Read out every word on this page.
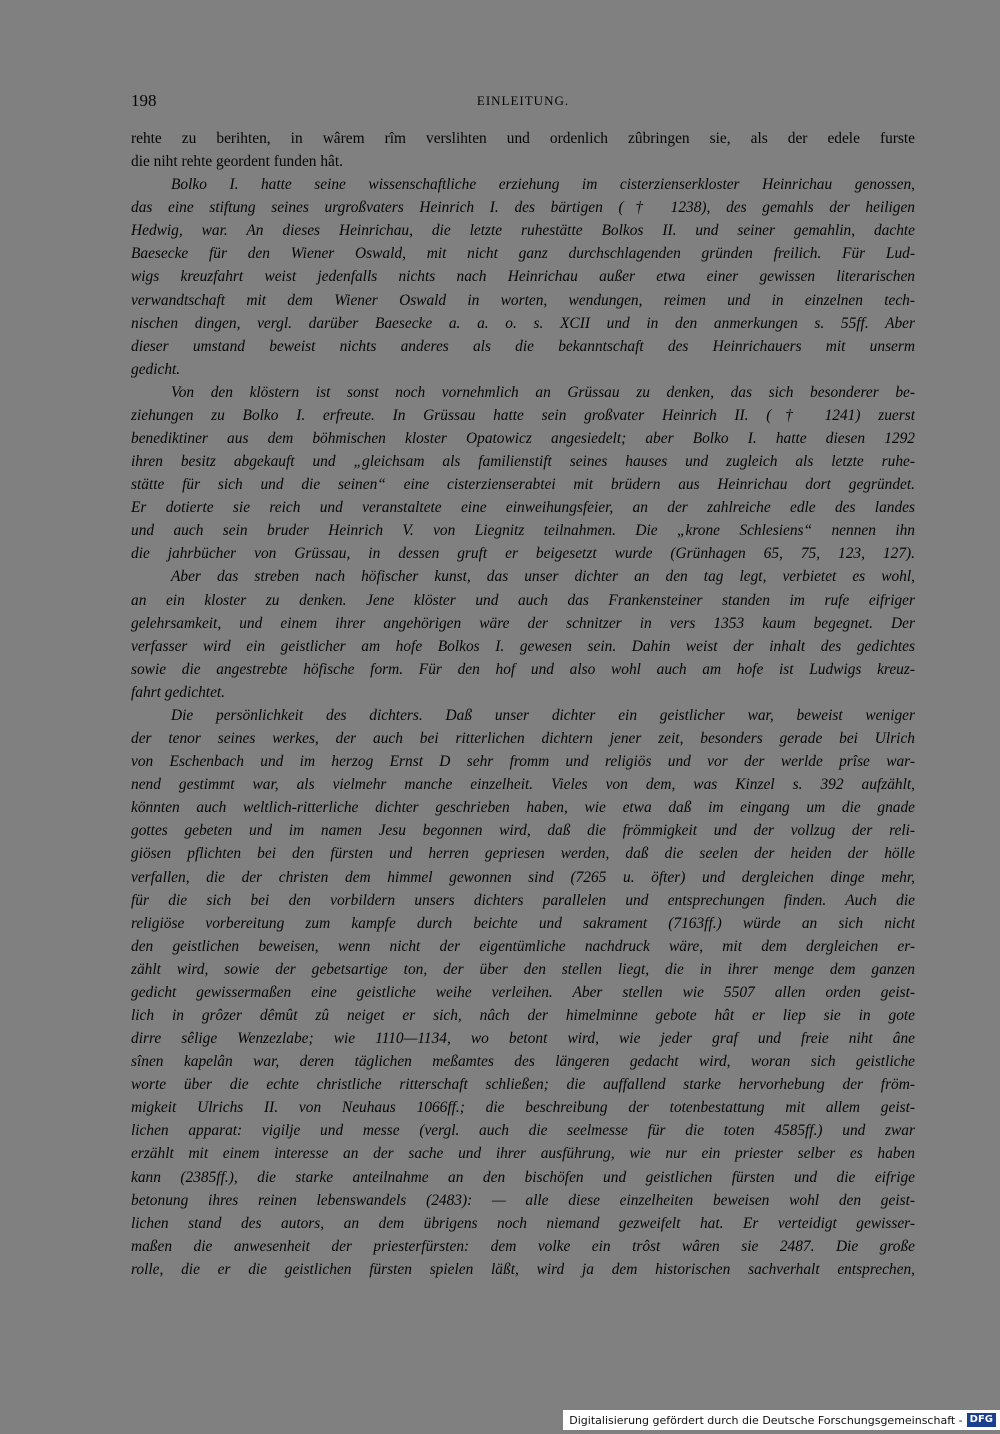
198	EINLEITUNG.
rehte zu berihten, in wârem rîm verslihten und ordenlich zûbringen sie, als der edele furste
die niht rehte geordent funden hât.
Bolko I. hatte seine wissenschaftliche erziehung im cisterzienserkloster Heinrichau genossen,
das eine stiftung seines urgroßvaters Heinrich I. des bärtigen († 1238), des gemahls der heiligen
Hedwig, war. An dieses Heinrichau, die letzte ruhestätte Bolkos II. und seiner gemahlin, dachte
Baesecke für den Wiener Oswald, mit nicht ganz durchschlagenden gründen freilich. Für Lud-
wigs kreuzfahrt weist jedenfalls nichts nach Heinrichau außer etwa einer gewissen literarischen
verwandtschaft mit dem Wiener Oswald in worten, wendungen, reimen und in einzelnen tech-
nischen dingen, vergl. darüber Baesecke a. a. o. s. XCII und in den anmerkungen s. 55ff. Aber
dieser umstand beweist nichts anderes als die bekanntschaft des Heinrichauers mit unserm
gedicht.
Von den klöstern ist sonst noch vornehmlich an Grüssau zu denken, das sich besonderer be-
ziehungen zu Bolko I. erfreute. In Grüssau hatte sein großvater Heinrich II. († 1241) zuerst
benediktiner aus dem böhmischen kloster Opatowicz angesiedelt; aber Bolko I. hatte diesen 1292
ihren besitz abgekauft und „gleichsam als familienstift seines hauses und zugleich als letzte ruhe-
stätte für sich und die seinen“ eine cisterzienserabtei mit brüdern aus Heinrichau dort gegründet.
Er dotierte sie reich und veranstaltete eine einweihungsfeier, an der zahlreiche edle des landes
und auch sein bruder Heinrich V. von Liegnitz teilnahmen. Die „krone Schlesiens“ nennen ihn
die jahrbücher von Grüssau, in dessen gruft er beigesetzt wurde (Grünhagen 65, 75, 123, 127).
Aber das streben nach höfischer kunst, das unser dichter an den tag legt, verbietet es wohl,
an ein kloster zu denken. Jene klöster und auch das Frankensteiner standen im rufe eifriger
gelehrsamkeit, und einem ihrer angehörigen wäre der schnitzer in vers 1353 kaum begegnet. Der
verfasser wird ein geistlicher am hofe Bolkos I. gewesen sein. Dahin weist der inhalt des gedichtes
sowie die angestrebte höfische form. Für den hof und also wohl auch am hofe ist Ludwigs kreuz-
fahrt gedichtet.
Die persönlichkeit des dichters. Daß unser dichter ein geistlicher war, beweist weniger
der tenor seines werkes, der auch bei ritterlichen dichtern jener zeit, besonders gerade bei Ulrich
von Eschenbach und im herzog Ernst D sehr fromm und religiös und vor der werlde prîse war-
nend gestimmt war, als vielmehr manche einzelheit. Vieles von dem, was Kinzel s. 392 aufzählt,
könnten auch weltlich-ritterliche dichter geschrieben haben, wie etwa daß im eingang um die gnade
gottes gebeten und im namen Jesu begonnen wird, daß die frömmigkeit und der vollzug der reli-
giösen pflichten bei den fürsten und herren gepriesen werden, daß die seelen der heiden der hölle
verfallen, die der christen dem himmel gewonnen sind (7265 u. öfter) und dergleichen dinge mehr,
für die sich bei den vorbildern unsers dichters parallelen und entsprechungen finden. Auch die
religiöse vorbereitung zum kampfe durch beichte und sakrament (7163ff.) würde an sich nicht
den geistlichen beweisen, wenn nicht der eigentümliche nachdruck wäre, mit dem dergleichen er-
zählt wird, sowie der gebetsartige ton, der über den stellen liegt, die in ihrer menge dem ganzen
gedicht gewissermaßen eine geistliche weihe verleihen. Aber stellen wie 5507 allen orden geist-
lich in grôzer dêmût zû neiget er sich, nâch der himelminne gebote hât er liep sie in gote
dirre sêlige Wenzezlabe; wie 1110—1134, wo betont wird, wie jeder graf und freie niht âne
sînen kapelân war, deren täglichen meßamtes des längeren gedacht wird, woran sich geistliche
worte über die echte christliche ritterschaft schließen; die auffallend starke hervorhebung der fröm-
migkeit Ulrichs II. von Neuhaus 1066ff.; die beschreibung der totenbestattung mit allem geist-
lichen apparat: vigilje und messe (vergl. auch die seelmesse für die toten 4585ff.) und zwar
erzählt mit einem interesse an der sache und ihrer ausführung, wie nur ein priester selber es haben
kann (2385ff.), die starke anteilnahme an den bischöfen und geistlichen fürsten und die eifrige
betonung ihres reinen lebenswandels (2483): — alle diese einzelheiten beweisen wohl den geist-
lichen stand des autors, an dem übrigens noch niemand gezweifelt hat. Er verteidigt gewisser-
maßen die anwesenheit der priesterfürsten: dem volke ein trôst wâren sie 2487. Die große
rolle, die er die geistlichen fürsten spielen läßt, wird ja dem historischen sachverhalt entsprechen,
Digitalisierung gefördert durch die Deutsche Forschungsgemeinschaft - DFG
